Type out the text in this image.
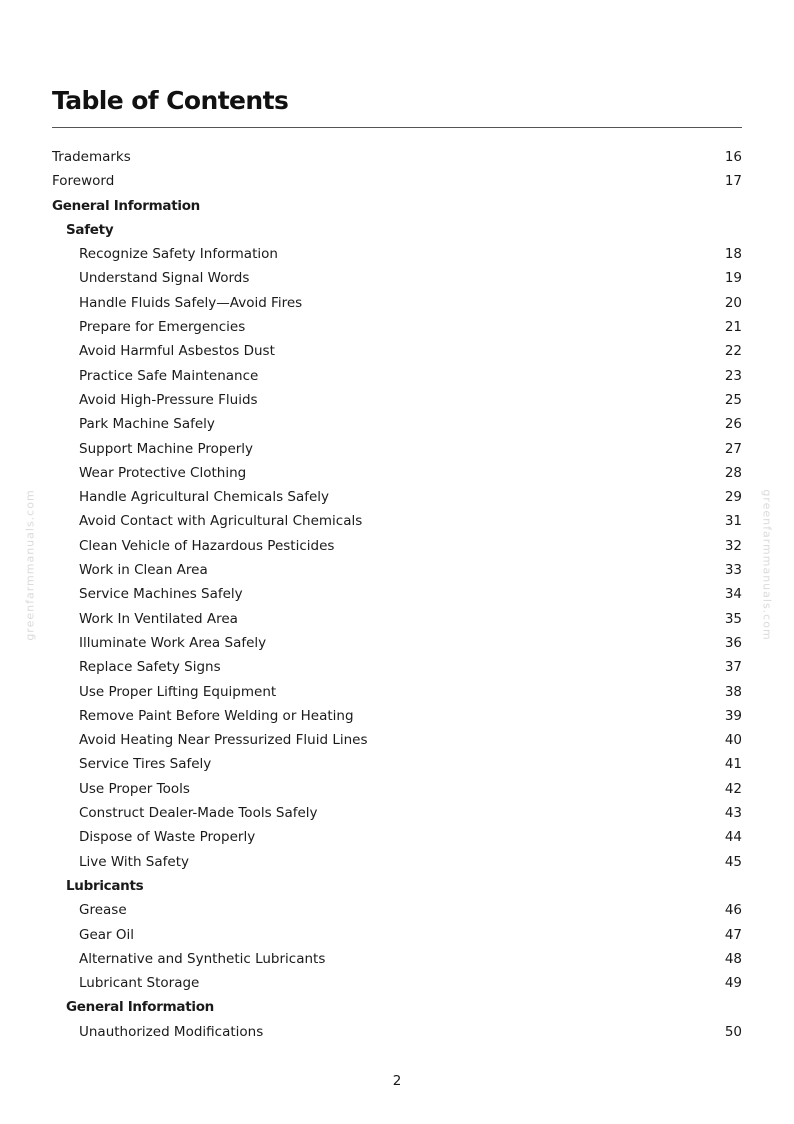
Table of Contents
Trademarks	16
Foreword	17
General Information
Safety
Recognize Safety Information	18
Understand Signal Words	19
Handle Fluids Safely—Avoid Fires	20
Prepare for Emergencies	21
Avoid Harmful Asbestos Dust	22
Practice Safe Maintenance	23
Avoid High-Pressure Fluids	25
Park Machine Safely	26
Support Machine Properly	27
Wear Protective Clothing	28
Handle Agricultural Chemicals Safely	29
Avoid Contact with Agricultural Chemicals	31
Clean Vehicle of Hazardous Pesticides	32
Work in Clean Area	33
Service Machines Safely	34
Work In Ventilated Area	35
Illuminate Work Area Safely	36
Replace Safety Signs	37
Use Proper Lifting Equipment	38
Remove Paint Before Welding or Heating	39
Avoid Heating Near Pressurized Fluid Lines	40
Service Tires Safely	41
Use Proper Tools	42
Construct Dealer-Made Tools Safely	43
Dispose of Waste Properly	44
Live With Safety	45
Lubricants
Grease	46
Gear Oil	47
Alternative and Synthetic Lubricants	48
Lubricant Storage	49
General Information
Unauthorized Modifications	50
greenfarmmanuals.com	greenfarmmanuals.com
2
